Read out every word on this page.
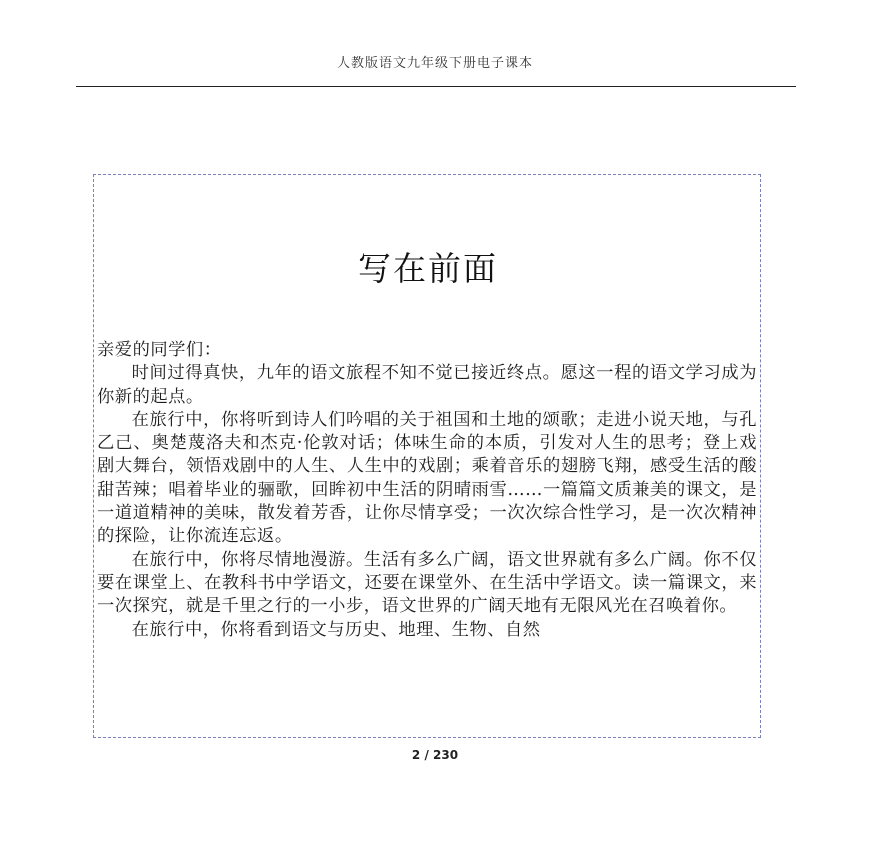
人教版语文九年级下册电子课本
写在前面

亲爱的同学们：

时间过得真快，九年的语文旅程不知不觉已接近终点。愿这一程的语文学习成为你新的起点。

在旅行中，你将听到诗人们吟唱的关于祖国和土地的颂歌；走进小说天地，与孔乙己、奥楚蔑洛夫和杰克·伦敦对话；体味生命的本质，引发对人生的思考；登上戏剧大舞台，领悟戏剧中的人生、人生中的戏剧；乘着音乐的翅膀飞翔，感受生活的酸甜苦辣；唱着毕业的骊歌，回眸初中生活的阴晴雨雪……一篇篇文质兼美的课文，是一道道精神的美味，散发着芳香，让你尽情享受；一次次综合性学习，是一次次精神的探险，让你流连忘返。

在旅行中，你将尽情地漫游。生活有多么广阔，语文世界就有多么广阔。你不仅要在课堂上、在教科书中学语文，还要在课堂外、在生活中学语文。读一篇课文，来一次探究，就是千里之行的一小步，语文世界的广阔天地有无限风光在召唤着你。

在旅行中，你将看到语文与历史、地理、生物、自然

2 / 230
